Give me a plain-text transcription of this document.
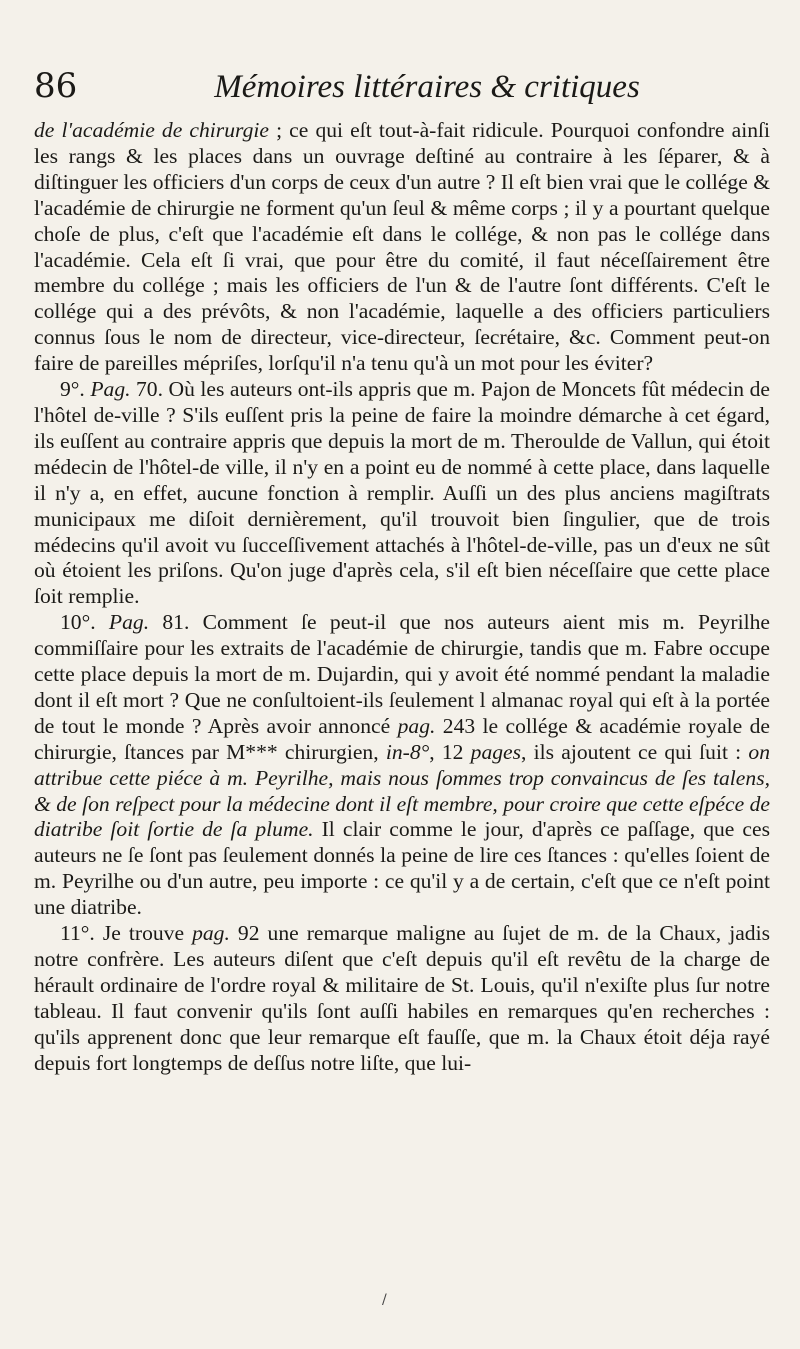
86	Mémoires littéraires & critiques

de l'académie de chirurgie ; ce qui eſt tout-à-fait ridicule. Pourquoi confondre ainſi les rangs & les places dans un ouvrage deſtiné au contraire à les ſéparer, & à diſtinguer les officiers d'un corps de ceux d'un autre ? Il eſt bien vrai que le collége & l'académie de chirurgie ne forment qu'un ſeul & même corps ; il y a pourtant quelque choſe de plus, c'eſt que l'académie eſt dans le collége, & non pas le collége dans l'académie. Cela eſt ſi vrai, que pour être du comité, il faut néceſſairement être membre du collége ; mais les officiers de l'un & de l'autre ſont différents. C'eſt le collége qui a des prévôts, & non l'académie, laquelle a des officiers particuliers connus ſous le nom de directeur, vice-directeur, ſecrétaire, &c. Comment peut-on faire de pareilles mépriſes, lorſqu'il n'a tenu qu'à un mot pour les éviter?

9°. Pag. 70. Où les auteurs ont-ils appris que m. Pajon de Moncets fût médecin de l'hôtel de-ville ? S'ils euſſent pris la peine de faire la moindre démarche à cet égard, ils euſſent au contraire appris que depuis la mort de m. Theroulde de Vallun, qui étoit médecin de l'hôtel-de ville, il n'y en a point eu de nommé à cette place, dans laquelle il n'y a, en effet, aucune fonction à remplir. Auſſi un des plus anciens magiſtrats municipaux me diſoit dernièrement, qu'il trouvoit bien ſingulier, que de trois médecins qu'il avoit vu ſucceſſivement attachés à l'hôtel-de-ville, pas un d'eux ne sût où étoient les priſons. Qu'on juge d'après cela, s'il eſt bien néceſſaire que cette place ſoit remplie.

10°. Pag. 81. Comment ſe peut-il que nos auteurs aient mis m. Peyrilhe commiſſaire pour les extraits de l'académie de chirurgie, tandis que m. Fabre occupe cette place depuis la mort de m. Dujardin, qui y avoit été nommé pendant la maladie dont il eſt mort ? Que ne conſultoient-ils ſeulement l almanac royal qui eſt à la portée de tout le monde ? Après avoir annoncé pag. 243 le collége & académie royale de chirurgie, ſtances par M*** chirurgien, in-8°, 12 pages, ils ajoutent ce qui ſuit : on attribue cette piéce à m. Peyrilhe, mais nous ſommes trop convaincus de ſes talens, & de ſon reſpect pour la médecine dont il eſt membre, pour croire que cette eſpéce de diatribe ſoit ſortie de ſa plume. Il clair comme le jour, d'après ce paſſage, que ces auteurs ne ſe ſont pas ſeulement donnés la peine de lire ces ſtances : qu'elles ſoient de m. Peyrilhe ou d'un autre, peu importe : ce qu'il y a de certain, c'eſt que ce n'eſt point une diatribe.

11°. Je trouve pag. 92 une remarque maligne au ſujet de m. de la Chaux, jadis notre confrère. Les auteurs diſent que c'eſt depuis qu'il eſt revêtu de la charge de hérault ordinaire de l'ordre royal & militaire de St. Louis, qu'il n'exiſte plus ſur notre tableau. Il faut convenir qu'ils ſont auſſi habiles en remarques qu'en recherches : qu'ils apprenent donc que leur remarque eſt fauſſe, que m. la Chaux étoit déja rayé depuis fort longtemps de deſſus notre liſte, que lui-

/
